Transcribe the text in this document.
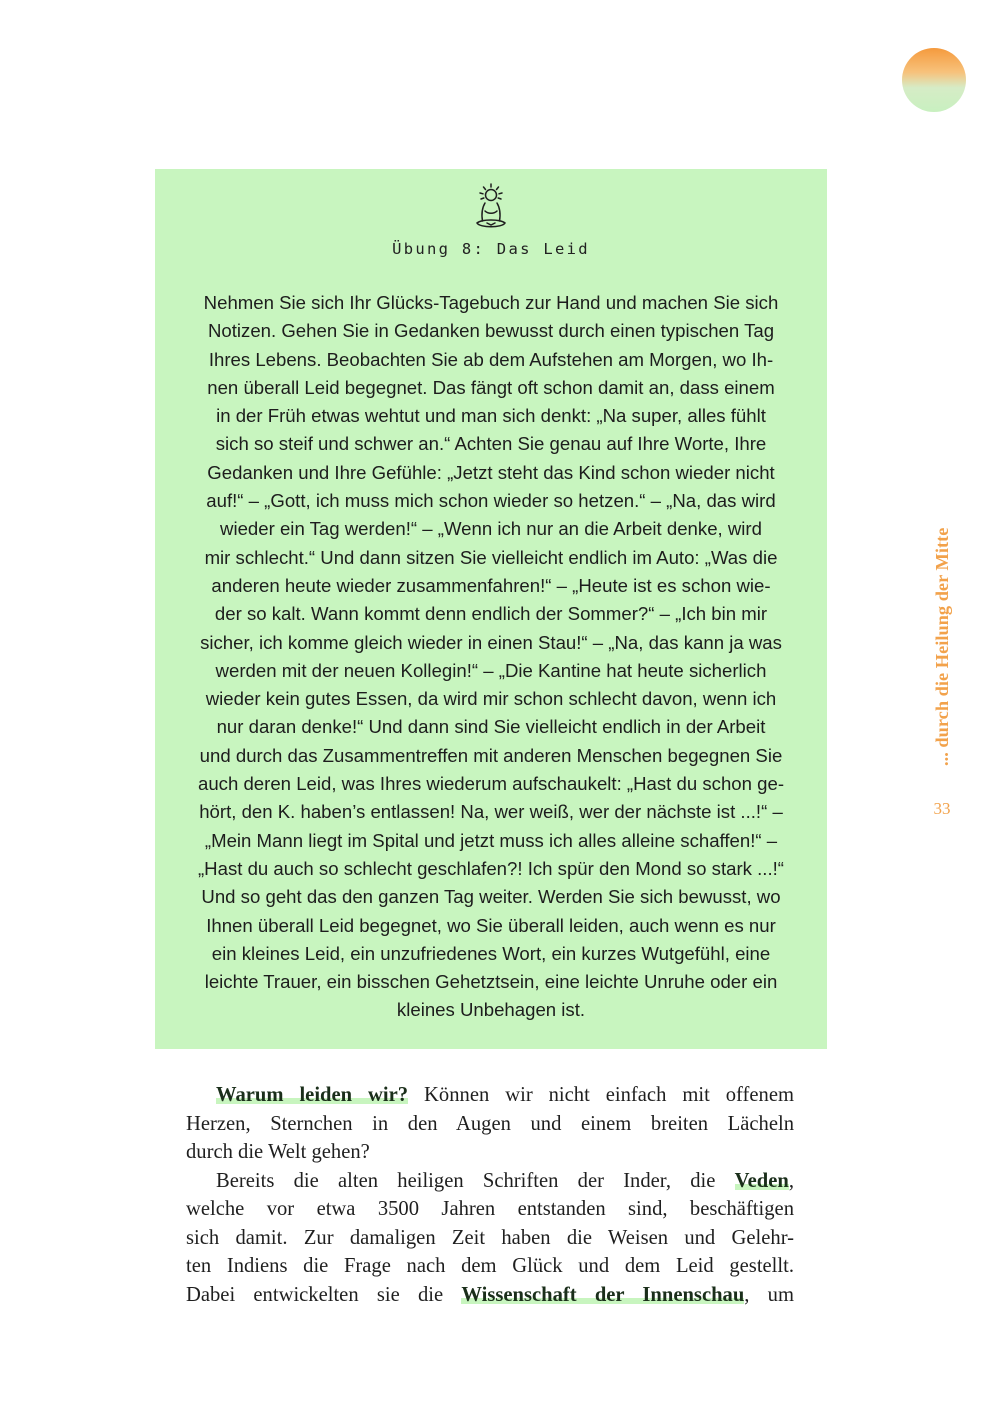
Übung 8: Das Leid
Nehmen Sie sich Ihr Glücks-Tagebuch zur Hand und machen Sie sich
Notizen. Gehen Sie in Gedanken bewusst durch einen typischen Tag
Ihres Lebens. Beobachten Sie ab dem Aufstehen am Morgen, wo Ih-
nen überall Leid begegnet. Das fängt oft schon damit an, dass einem
in der Früh etwas wehtut und man sich denkt: „Na super, alles fühlt
sich so steif und schwer an.“ Achten Sie genau auf Ihre Worte, Ihre
Gedanken und Ihre Gefühle: „Jetzt steht das Kind schon wieder nicht
auf!“ – „Gott, ich muss mich schon wieder so hetzen.“ – „Na, das wird
wieder ein Tag werden!“ – „Wenn ich nur an die Arbeit denke, wird
mir schlecht.“ Und dann sitzen Sie vielleicht endlich im Auto: „Was die
anderen heute wieder zusammenfahren!“ – „Heute ist es schon wie-
der so kalt. Wann kommt denn endlich der Sommer?“ – „Ich bin mir
sicher, ich komme gleich wieder in einen Stau!“ – „Na, das kann ja was
werden mit der neuen Kollegin!“ – „Die Kantine hat heute sicherlich
wieder kein gutes Essen, da wird mir schon schlecht davon, wenn ich
nur daran denke!“ Und dann sind Sie vielleicht endlich in der Arbeit
und durch das Zusammentreffen mit anderen Menschen begegnen Sie
auch deren Leid, was Ihres wiederum aufschaukelt: „Hast du schon ge-
hört, den K. haben’s entlassen! Na, wer weiß, wer der nächste ist ...!“ –
„Mein Mann liegt im Spital und jetzt muss ich alles alleine schaffen!“ –
„Hast du auch so schlecht geschlafen?! Ich spür den Mond so stark ...!“
Und so geht das den ganzen Tag weiter. Werden Sie sich bewusst, wo
Ihnen überall Leid begegnet, wo Sie überall leiden, auch wenn es nur
ein kleines Leid, ein unzufriedenes Wort, ein kurzes Wutgefühl, eine
leichte Trauer, ein bisschen Gehetztsein, eine leichte Unruhe oder ein
kleines Unbehagen ist.
... durch die Heilung der Mitte
33
Warum leiden wir? Können wir nicht einfach mit offenem
Herzen, Sternchen in den Augen und einem breiten Lächeln
durch die Welt gehen?
Bereits die alten heiligen Schriften der Inder, die Veden,
welche vor etwa 3500 Jahren entstanden sind, beschäftigen
sich damit. Zur damaligen Zeit haben die Weisen und Gelehr-
ten Indiens die Frage nach dem Glück und dem Leid gestellt.
Dabei entwickelten sie die Wissenschaft der Innenschau, um
